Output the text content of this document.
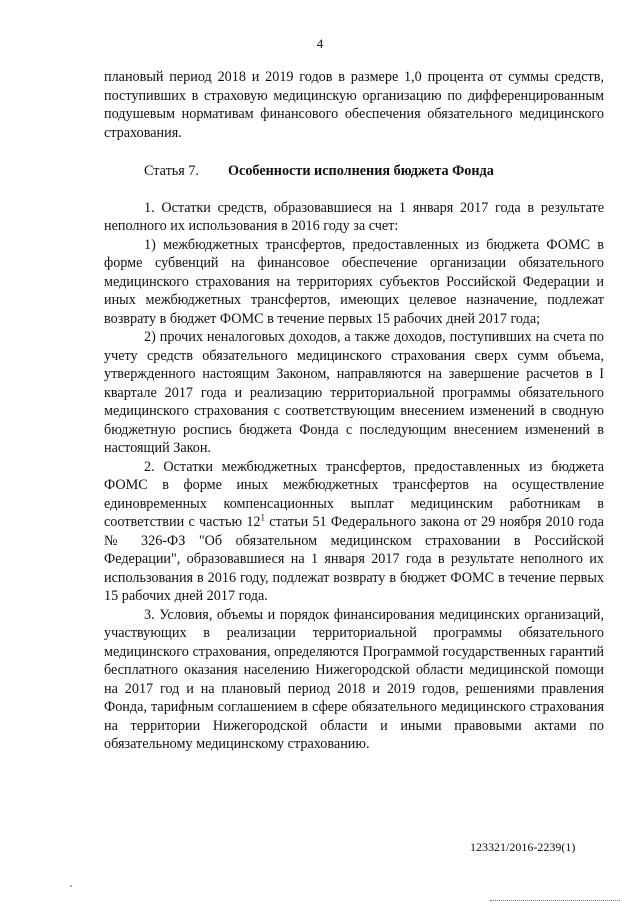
4

плановый период 2018 и 2019 годов в размере 1,0 процента от суммы средств, поступивших в страховую медицинскую организацию по дифференцированным подушевым нормативам финансового обеспечения обязательного медицинского страхования.

Статья 7. Особенности исполнения бюджета Фонда

1. Остатки средств, образовавшиеся на 1 января 2017 года в результате неполного их использования в 2016 году за счет:

1) межбюджетных трансфертов, предоставленных из бюджета ФОМС в форме субвенций на финансовое обеспечение организации обязательного медицинского страхования на территориях субъектов Российской Федерации и иных межбюджетных трансфертов, имеющих целевое назначение, подлежат возврату в бюджет ФОМС в течение первых 15 рабочих дней 2017 года;

2) прочих неналоговых доходов, а также доходов, поступивших на счета по учету средств обязательного медицинского страхования сверх сумм объема, утвержденного настоящим Законом, направляются на завершение расчетов в I квартале 2017 года и реализацию территориальной программы обязательного медицинского страхования с соответствующим внесением изменений в сводную бюджетную роспись бюджета Фонда с последующим внесением изменений в настоящий Закон.

2. Остатки межбюджетных трансфертов, предоставленных из бюджета ФОМС в форме иных межбюджетных трансфертов на осуществление единовременных компенсационных выплат медицинским работникам в соответствии с частью $12^1$ статьи 51 Федерального закона от 29 ноября 2010 года № 326-ФЗ "Об обязательном медицинском страховании в Российской Федерации", образовавшиеся на 1 января 2017 года в результате неполного их использования в 2016 году, подлежат возврату в бюджет ФОМС в течение первых 15 рабочих дней 2017 года.

3. Условия, объемы и порядок финансирования медицинских организаций, участвующих в реализации территориальной программы обязательного медицинского страхования, определяются Программой государственных гарантий бесплатного оказания населению Нижегородской области медицинской помощи на 2017 год и на плановый период 2018 и 2019 годов, решениями правления Фонда, тарифным соглашением в сфере обязательного медицинского страхования на территории Нижегородской области и иными правовыми актами по обязательному медицинскому страхованию.

123321/2016-2239(1)
